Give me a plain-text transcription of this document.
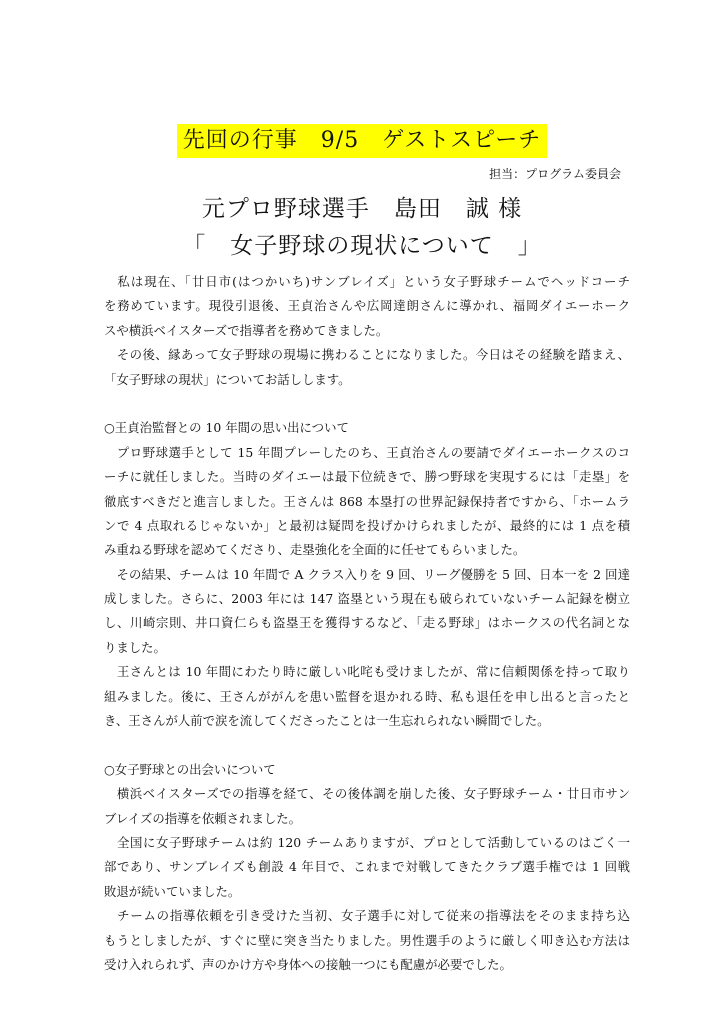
先回の行事　9/5　ゲストスピーチ
担当：プログラム委員会
元プロ野球選手　島田　誠 様
「　女子野球の現状について　」
　私は現在、「廿日市(はつかいち)サンブレイズ」という女子野球チームでヘッドコーチ
を務めています。現役引退後、王貞治さんや広岡達朗さんに導かれ、福岡ダイエーホーク
スや横浜ベイスターズで指導者を務めてきました。
　その後、縁あって女子野球の現場に携わることになりました。今日はその経験を踏まえ、
「女子野球の現状」についてお話しします。
○王貞治監督との 10 年間の思い出について
　プロ野球選手として 15 年間プレーしたのち、王貞治さんの要請でダイエーホークスのコ
ーチに就任しました。当時のダイエーは最下位続きで、勝つ野球を実現するには「走塁」を
徹底すべきだと進言しました。王さんは 868 本塁打の世界記録保持者ですから、「ホームラ
ンで 4 点取れるじゃないか」と最初は疑問を投げかけられましたが、最終的には 1 点を積
み重ねる野球を認めてくださり、走塁強化を全面的に任せてもらいました。
　その結果、チームは 10 年間で A クラス入りを 9 回、リーグ優勝を 5 回、日本一を 2 回達
成しました。さらに、2003 年には 147 盗塁という現在も破られていないチーム記録を樹立
し、川崎宗則、井口資仁らも盗塁王を獲得するなど、「走る野球」はホークスの代名詞とな
りました。
　王さんとは 10 年間にわたり時に厳しい叱咤も受けましたが、常に信頼関係を持って取り
組みました。後に、王さんががんを患い監督を退かれる時、私も退任を申し出ると言ったと
き、王さんが人前で涙を流してくださったことは一生忘れられない瞬間でした。
○女子野球との出会いについて
　横浜ベイスターズでの指導を経て、その後体調を崩した後、女子野球チーム・廿日市サン
ブレイズの指導を依頼されました。
　全国に女子野球チームは約 120 チームありますが、プロとして活動しているのはごく一
部であり、サンブレイズも創設 4 年目で、これまで対戦してきたクラブ選手権では 1 回戦
敗退が続いていました。
　チームの指導依頼を引き受けた当初、女子選手に対して従来の指導法をそのまま持ち込
もうとしましたが、すぐに壁に突き当たりました。男性選手のように厳しく叩き込む方法は
受け入れられず、声のかけ方や身体への接触一つにも配慮が必要でした。
